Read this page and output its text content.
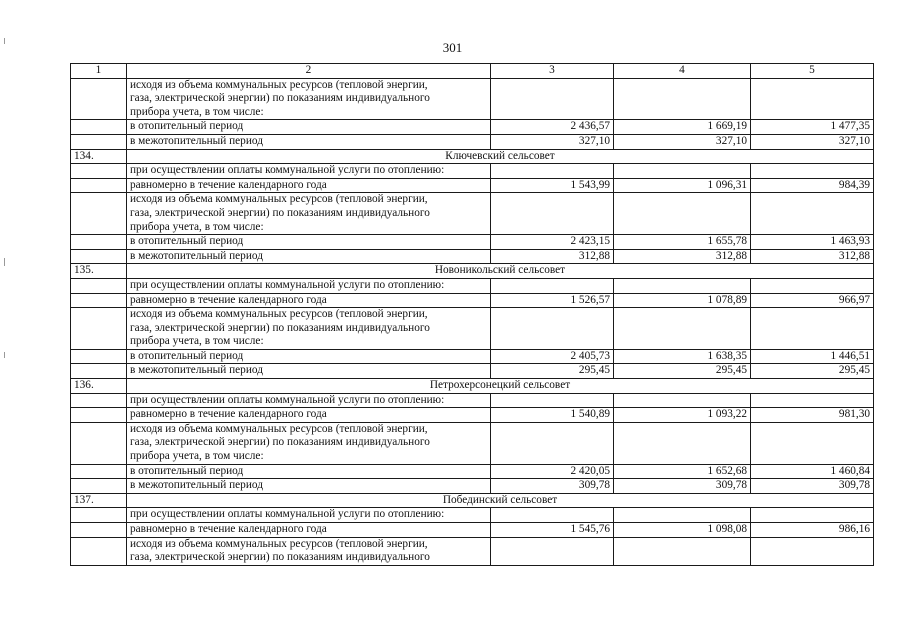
301
1	2	3	4	5

	исходя из объема коммунальных ресурсов (тепловой энергии,
газа, электрической энергии) по показаниям индивидуального
прибора учета, в том числе:			

	в отопительный период	2 436,57	1 669,19	1 477,35
	в межотопительный период	327,10	327,10	327,10
134.	Ключевский сельсовет			
	при осуществлении оплаты коммунальной услуги по отоплению:			
	равномерно в течение календарного года	1 543,99	1 096,31	984,39

	исходя из объема коммунальных ресурсов (тепловой энергии,
газа, электрической энергии) по показаниям индивидуального
прибора учета, в том числе:			

	в отопительный период	2 423,15	1 655,78	1 463,93
	в межотопительный период	312,88	312,88	312,88
135.	Новоникольский сельсовет			
	при осуществлении оплаты коммунальной услуги по отоплению:			
	равномерно в течение календарного года	1 526,57	1 078,89	966,97

	исходя из объема коммунальных ресурсов (тепловой энергии,
газа, электрической энергии) по показаниям индивидуального
прибора учета, в том числе:			

	в отопительный период	2 405,73	1 638,35	1 446,51
	в межотопительный период	295,45	295,45	295,45
136.	Петрохерсонецкий сельсовет			
	при осуществлении оплаты коммунальной услуги по отоплению:			
	равномерно в течение календарного года	1 540,89	1 093,22	981,30

	исходя из объема коммунальных ресурсов (тепловой энергии,
газа, электрической энергии) по показаниям индивидуального
прибора учета, в том числе:			

	в отопительный период	2 420,05	1 652,68	1 460,84
	в межотопительный период	309,78	309,78	309,78
137.	Побединский сельсовет			
	при осуществлении оплаты коммунальной услуги по отоплению:			
	равномерно в течение календарного года	1 545,76	1 098,08	986,16

	исходя из объема коммунальных ресурсов (тепловой энергии,
газа, электрической энергии) по показаниям индивидуального			
